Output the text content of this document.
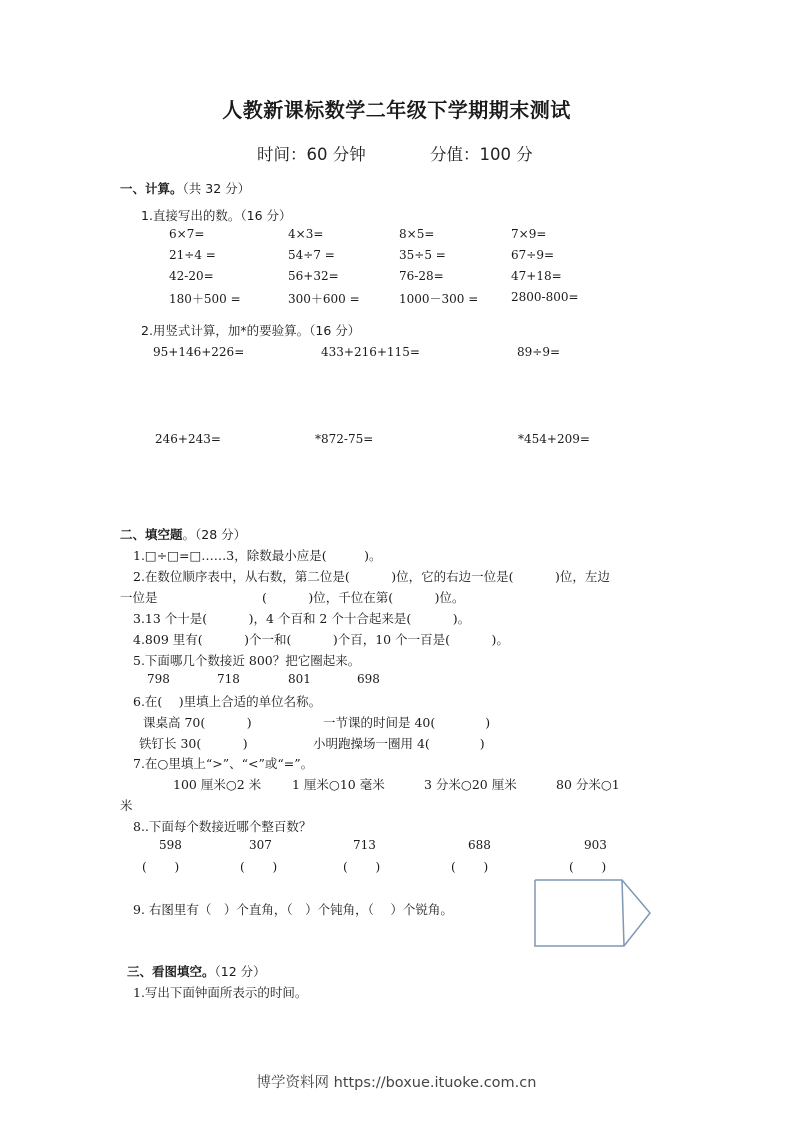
人教新课标数学二年级下学期期末测试
时间：60 分钟	分值：100 分
一、计算。（共 32 分）
1.直接写出的数。（16 分）
6×7=	4×3=	8×5=	7×9=
21÷4 =	54÷7 =	35÷5 =	67÷9=
42-20=	56+32=	76-28=	47+18=
180＋500 =	300＋600 =	1000－300 =	2800-800=
2.用竖式计算，加*的要验算。（16 分）
95+146+226=	433+216+115=	89÷9=
246+243=	*872-75=	*454+209=
二、填空题。（28 分）
1.□÷□=□……3，除数最小应是(　　　)。
2.在数位顺序表中，从右数，第二位是(　　　 )位，它的右边一位是(　　　 )位，左边
一位是	(　　　 )位，千位在第(　　　 )位。
3.13 个十是(　　　 )，4 个百和 2 个十合起来是(　　　 )。
4.809 里有(　　　 )个一和(　　　 )个百，10 个一百是(　　　 )。
5.下面哪几个数接近 800？把它圈起来。
798	718	801	698
6.在(　 )里填上合适的单位名称。
课桌高 70(　　　 )	一节课的时间是 40(　　　　)
铁钉长 30(　　　 )	小明跑操场一圈用 4(　　　　)
7.在○里填上“>”、“<”或“=”。
100 厘米○2 米 1 厘米○10 毫米	3 分米○20 厘米	80 分米○1
米
8..下面每个数接近哪个整百数？
598	307	713	688	903
(　　 )	(　　 )	(　　 )	(　　 )	(　　 )
9. 右图里有（　）个直角，（　）个钝角，（　 ）个锐角。
三、看图填空。（12 分）
1.写出下面钟面所表示的时间。
博学资料网 https://boxue.ituoke.com.cn
